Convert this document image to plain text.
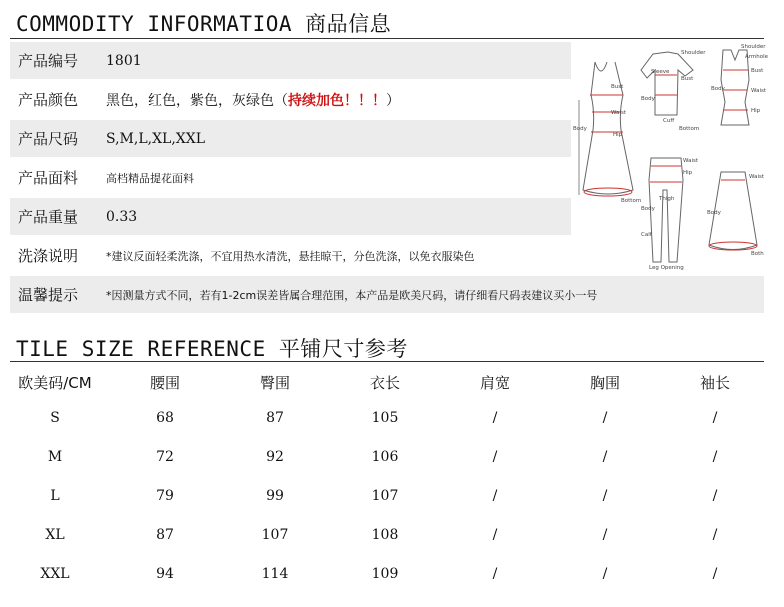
COMMODITY INFORMATIOA 商品信息
产品编号	1801
产品颜色	黑色，红色，紫色，灰绿色（持续加色！！！）
产品尺码	S,M,L,XL,XXL
产品面料	高档精品提花面料
产品重量	0.33
洗涤说明	*建议反面轻柔洗涤，不宜用热水清洗，悬挂晾干，分色洗涤，以免衣服染色
温馨提示	*因测量方式不同，若有1-2cm误差皆属合理范围，本产品是欧美尺码，请仔细看尺码表建议买小一号
Bust
Waist
Hip
Body
Bottom
Shoulder
Sleeve
Bust
Cuff
Body
Bottom
Shoulder
Armhole
Bust
Waist
Hip
Body
Waist
Hip
Thigh
Calf
Body
Leg Opening
Waist
Body
Both
TILE SIZE REFERENCE 平铺尺寸参考
欧美码/CM	腰围	臀围	衣长	肩宽	胸围	袖长
S	68	87	105	/	/	/
M	72	92	106	/	/	/
L	79	99	107	/	/	/
XL	87	107	108	/	/	/
XXL	94	114	109	/	/	/
